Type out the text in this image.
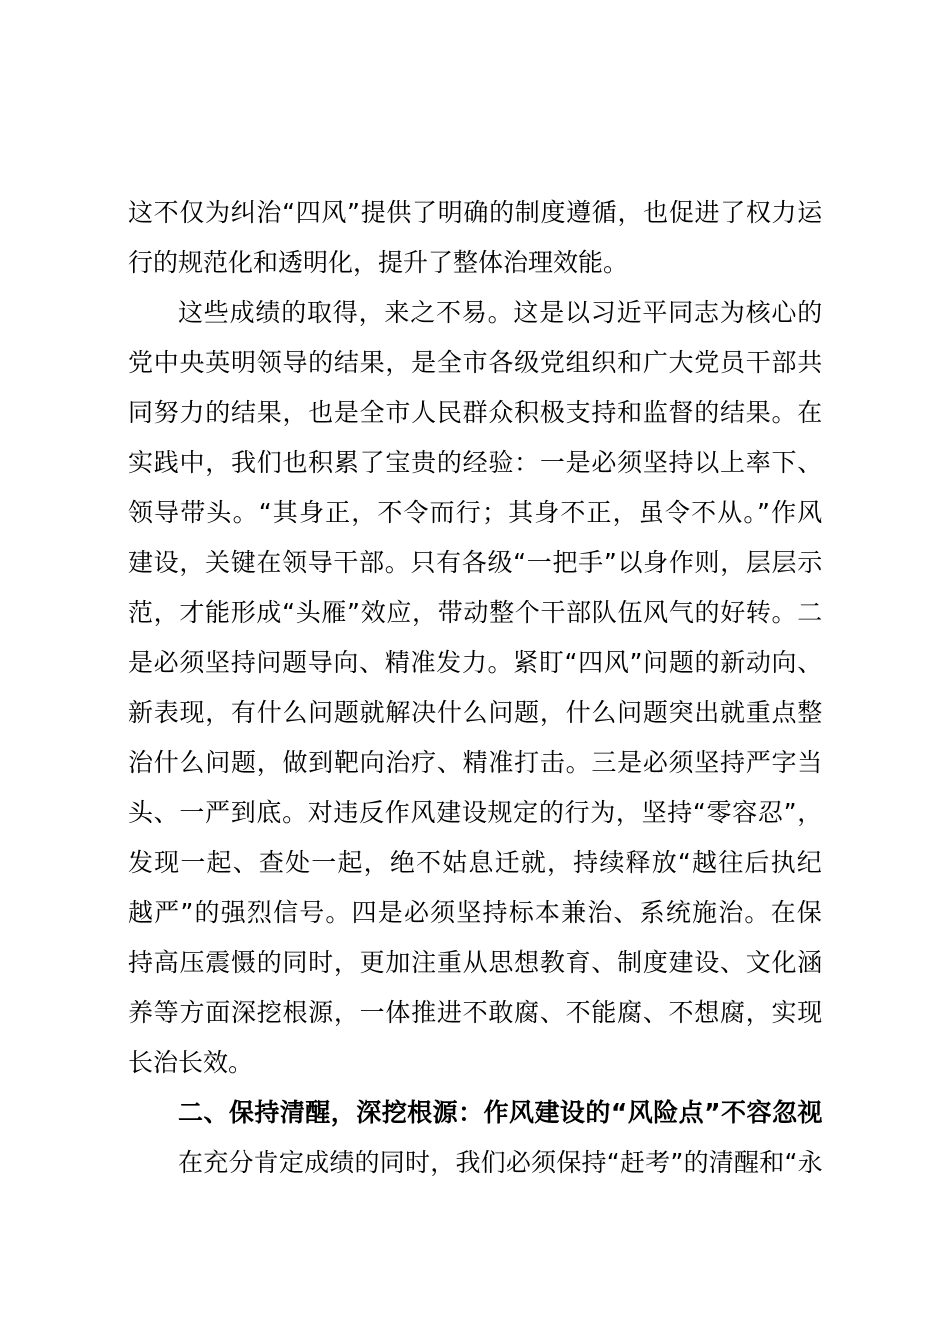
这不仅为纠治“四风”提供了明确的制度遵循，也促进了权力运
行的规范化和透明化，提升了整体治理效能。
这些成绩的取得，来之不易。这是以习近平同志为核心的
党中央英明领导的结果，是全市各级党组织和广大党员干部共
同努力的结果，也是全市人民群众积极支持和监督的结果。在
实践中，我们也积累了宝贵的经验：一是必须坚持以上率下、
领导带头。“其身正，不令而行；其身不正，虽令不从。”作风
建设，关键在领导干部。只有各级“一把手”以身作则，层层示
范，才能形成“头雁”效应，带动整个干部队伍风气的好转。二
是必须坚持问题导向、精准发力。紧盯“四风”问题的新动向、
新表现，有什么问题就解决什么问题，什么问题突出就重点整
治什么问题，做到靶向治疗、精准打击。三是必须坚持严字当
头、一严到底。对违反作风建设规定的行为，坚持“零容忍”，
发现一起、查处一起，绝不姑息迁就，持续释放“越往后执纪
越严”的强烈信号。四是必须坚持标本兼治、系统施治。在保
持高压震慑的同时，更加注重从思想教育、制度建设、文化涵
养等方面深挖根源，一体推进不敢腐、不能腐、不想腐，实现
长治长效。
二、保持清醒，深挖根源：作风建设的“风险点”不容忽视
在充分肯定成绩的同时，我们必须保持“赶考”的清醒和“永
